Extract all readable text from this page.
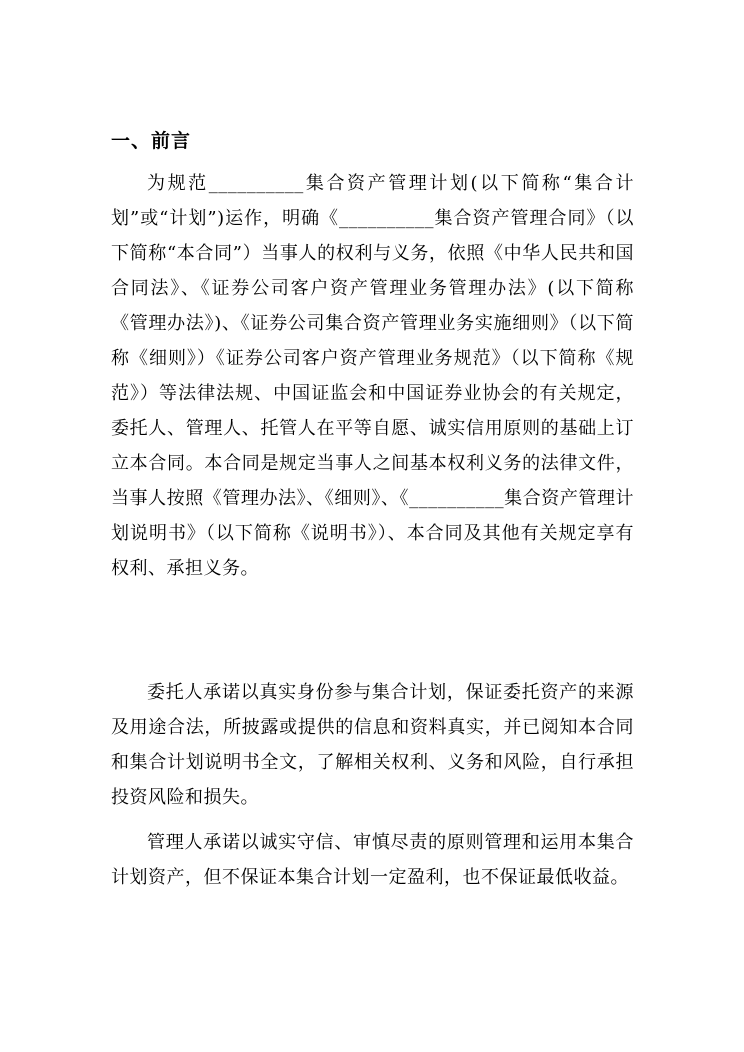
一、前言

为规范__________集合资产管理计划(以下简称“集合计划”或“计划”)运作，明确《__________集合资产管理合同》（以下简称“本合同”）当事人的权利与义务，依照《中华人民共和国合同法》、《证券公司客户资产管理业务管理办法》(以下简称《管理办法》)、《证券公司集合资产管理业务实施细则》（以下简称《细则》）《证券公司客户资产管理业务规范》（以下简称《规范》）等法律法规、中国证监会和中国证券业协会的有关规定，委托人、管理人、托管人在平等自愿、诚实信用原则的基础上订立本合同。本合同是规定当事人之间基本权利义务的法律文件，当事人按照《管理办法》、《细则》、《__________集合资产管理计划说明书》（以下简称《说明书》）、本合同及其他有关规定享有权利、承担义务。

委托人承诺以真实身份参与集合计划，保证委托资产的来源及用途合法，所披露或提供的信息和资料真实，并已阅知本合同和集合计划说明书全文，了解相关权利、义务和风险，自行承担投资风险和损失。

管理人承诺以诚实守信、审慎尽责的原则管理和运用本集合计划资产，但不保证本集合计划一定盈利，也不保证最低收益。
